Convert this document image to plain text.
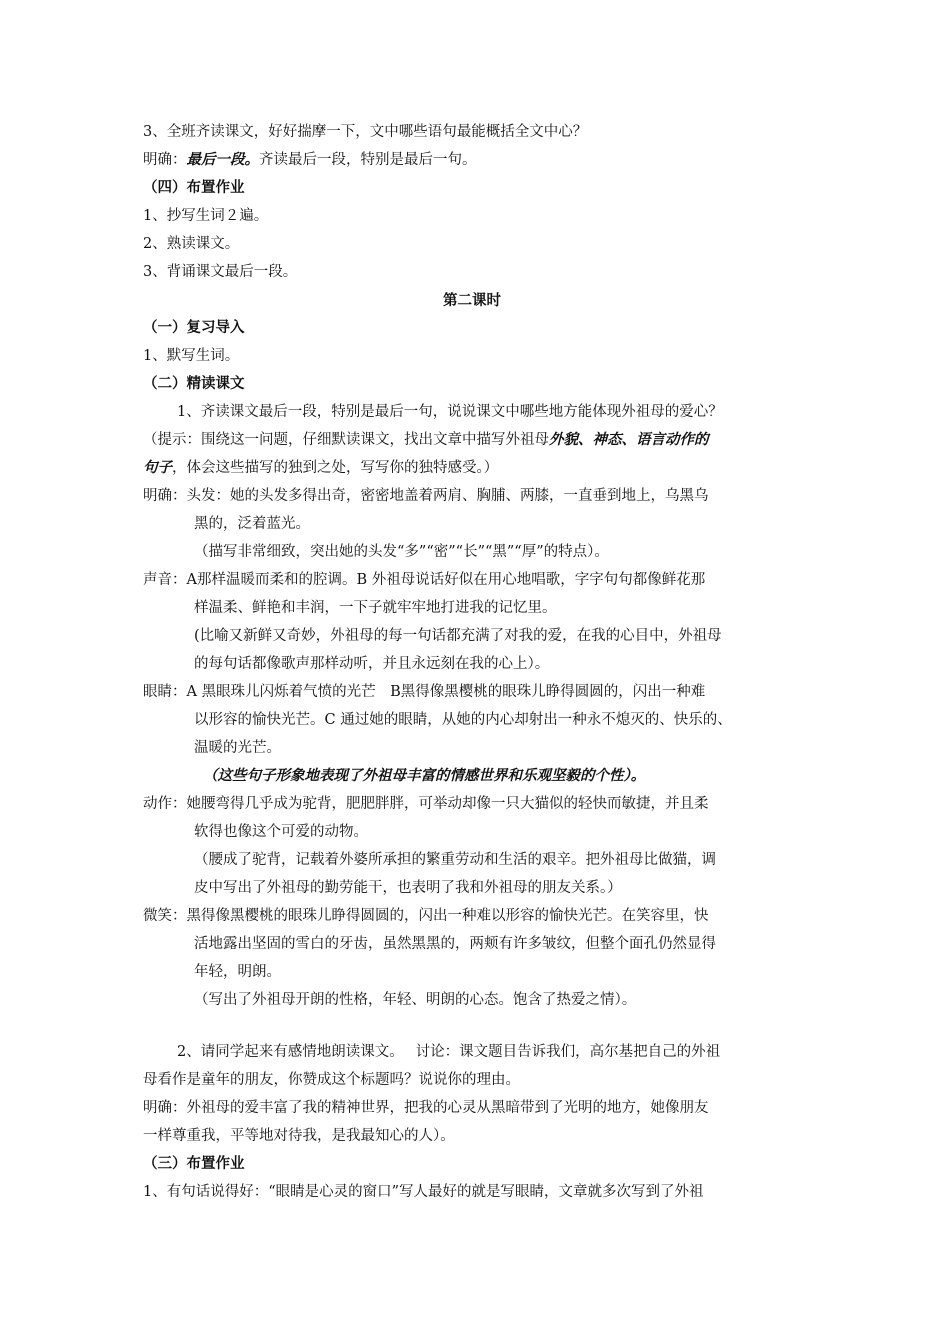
3、全班齐读课文，好好揣摩一下，文中哪些语句最能概括全文中心？
明确：最后一段。齐读最后一段，特别是最后一句。
（四）布置作业
1、抄写生词２遍。
2、熟读课文。
3、背诵课文最后一段。
第二课时
（一）复习导入
1、默写生词。
（二）精读课文
1、齐读课文最后一段，特别是最后一句，说说课文中哪些地方能体现外祖母的爱心？
（提示：围绕这一问题，仔细默读课文，找出文章中描写外祖母外貌、神态、语言动作的
句子，体会这些描写的独到之处，写写你的独特感受。）
明确：头发：她的头发多得出奇，密密地盖着两肩、胸脯、两膝，一直垂到地上，乌黑乌
黑的，泛着蓝光。
（描写非常细致，突出她的头发“多”“密”“长”“黑”“厚”的特点）。
声音：A那样温暖而柔和的腔调。B 外祖母说话好似在用心地唱歌，字字句句都像鲜花那
样温柔、鲜艳和丰润，一下子就牢牢地打进我的记忆里。
(比喻又新鲜又奇妙，外祖母的每一句话都充满了对我的爱，在我的心目中，外祖母
的每句话都像歌声那样动听，并且永远刻在我的心上）。
眼睛：A 黑眼珠儿闪烁着气愤的光芒　B黑得像黑樱桃的眼珠儿睁得圆圆的，闪出一种难
以形容的愉快光芒。C 通过她的眼睛，从她的内心却射出一种永不熄灭的、快乐的、
温暖的光芒。
（这些句子形象地表现了外祖母丰富的情感世界和乐观坚毅的个性）。
动作：她腰弯得几乎成为驼背，肥肥胖胖，可举动却像一只大猫似的轻快而敏捷，并且柔
软得也像这个可爱的动物。
（腰成了驼背，记载着外婆所承担的繁重劳动和生活的艰辛。把外祖母比做猫，调
皮中写出了外祖母的勤劳能干，也表明了我和外祖母的朋友关系。）
微笑：黑得像黑樱桃的眼珠儿睁得圆圆的，闪出一种难以形容的愉快光芒。在笑容里，快
活地露出坚固的雪白的牙齿，虽然黑黑的，两颊有许多皱纹，但整个面孔仍然显得
年轻，明朗。
（写出了外祖母开朗的性格，年轻、明朗的心态。饱含了热爱之情）。
2、请同学起来有感情地朗读课文。　 讨论：课文题目告诉我们，高尔基把自己的外祖
母看作是童年的朋友，你赞成这个标题吗？说说你的理由。
明确：外祖母的爱丰富了我的精神世界，把我的心灵从黑暗带到了光明的地方，她像朋友
一样尊重我，平等地对待我，是我最知心的人）。
（三）布置作业
1、有句话说得好：“眼睛是心灵的窗口”写人最好的就是写眼睛，文章就多次写到了外祖
